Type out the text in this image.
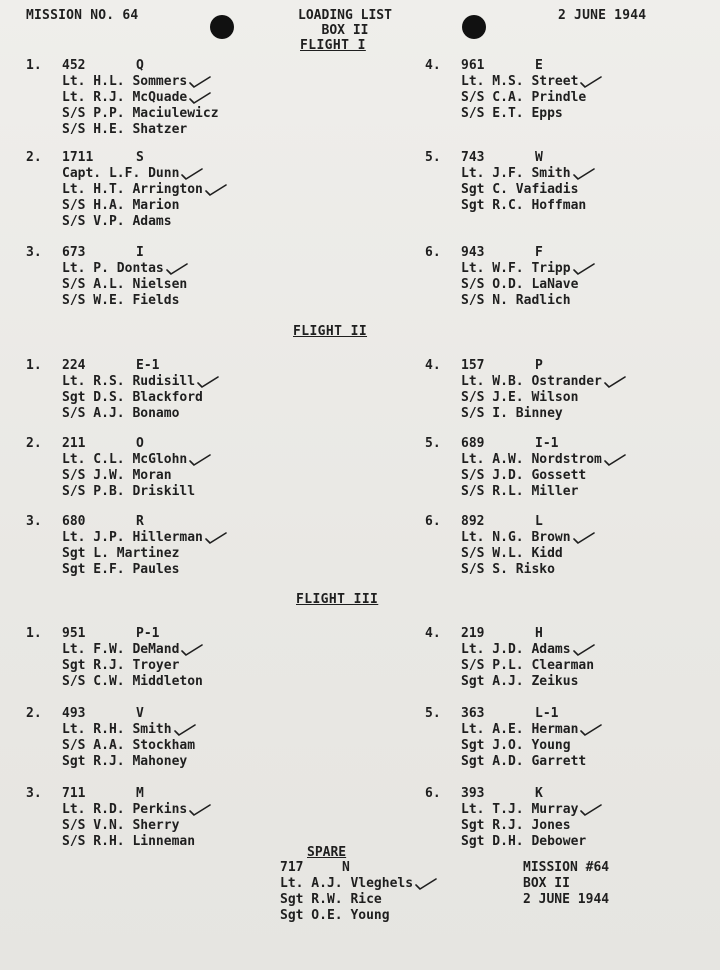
MISSION NO. 64	LOADING LIST
BOX II
2 JUNE 1944
FLIGHT I
FLIGHT II
FLIGHT III
1. 452	Q
Lt. H.L. Sommers
Lt. R.J. McQuade
S/S P.P. Maciulewicz
S/S H.E. Shatzer
4. 961	E
Lt. M.S. Street
S/S C.A. Prindle
S/S E.T. Epps
2. 1711	S
Capt. L.F. Dunn
Lt. H.T. Arrington
S/S H.A. Marion
S/S V.P. Adams
5. 743	W
Lt. J.F. Smith
Sgt C. Vafiadis
Sgt R.C. Hoffman
3. 673	I
Lt. P. Dontas
S/S A.L. Nielsen
S/S W.E. Fields
6. 943	F
Lt. W.F. Tripp
S/S O.D. LaNave
S/S N. Radlich
1. 224	E-1
Lt. R.S. Rudisill
Sgt D.S. Blackford
S/S A.J. Bonamo
4. 157	P
Lt. W.B. Ostrander
S/S J.E. Wilson
S/S I. Binney
2. 211	O
Lt. C.L. McGlohn
S/S J.W. Moran
S/S P.B. Driskill
5. 689	I-1
Lt. A.W. Nordstrom
S/S J.D. Gossett
S/S R.L. Miller
3. 680	R
Lt. J.P. Hillerman
Sgt L. Martinez
Sgt E.F. Paules
6. 892	L
Lt. N.G. Brown
S/S W.L. Kidd
S/S S. Risko
1. 951	P-1
Lt. F.W. DeMand
Sgt R.J. Troyer
S/S C.W. Middleton
4. 219	H
Lt. J.D. Adams
S/S P.L. Clearman
Sgt A.J. Zeikus
2. 493	V
Lt. R.H. Smith
S/S A.A. Stockham
Sgt R.J. Mahoney
5. 363	L-1
Lt. A.E. Herman
Sgt J.O. Young
Sgt A.D. Garrett
3. 711	M
Lt. R.D. Perkins
S/S V.N. Sherry
S/S R.H. Linneman
6. 393	K
Lt. T.J. Murray
Sgt R.J. Jones
Sgt D.H. Debower
SPARE
717	N
Lt. A.J. Vleghels
Sgt R.W. Rice
Sgt O.E. Young
MISSION #64
BOX II
2 JUNE 1944
